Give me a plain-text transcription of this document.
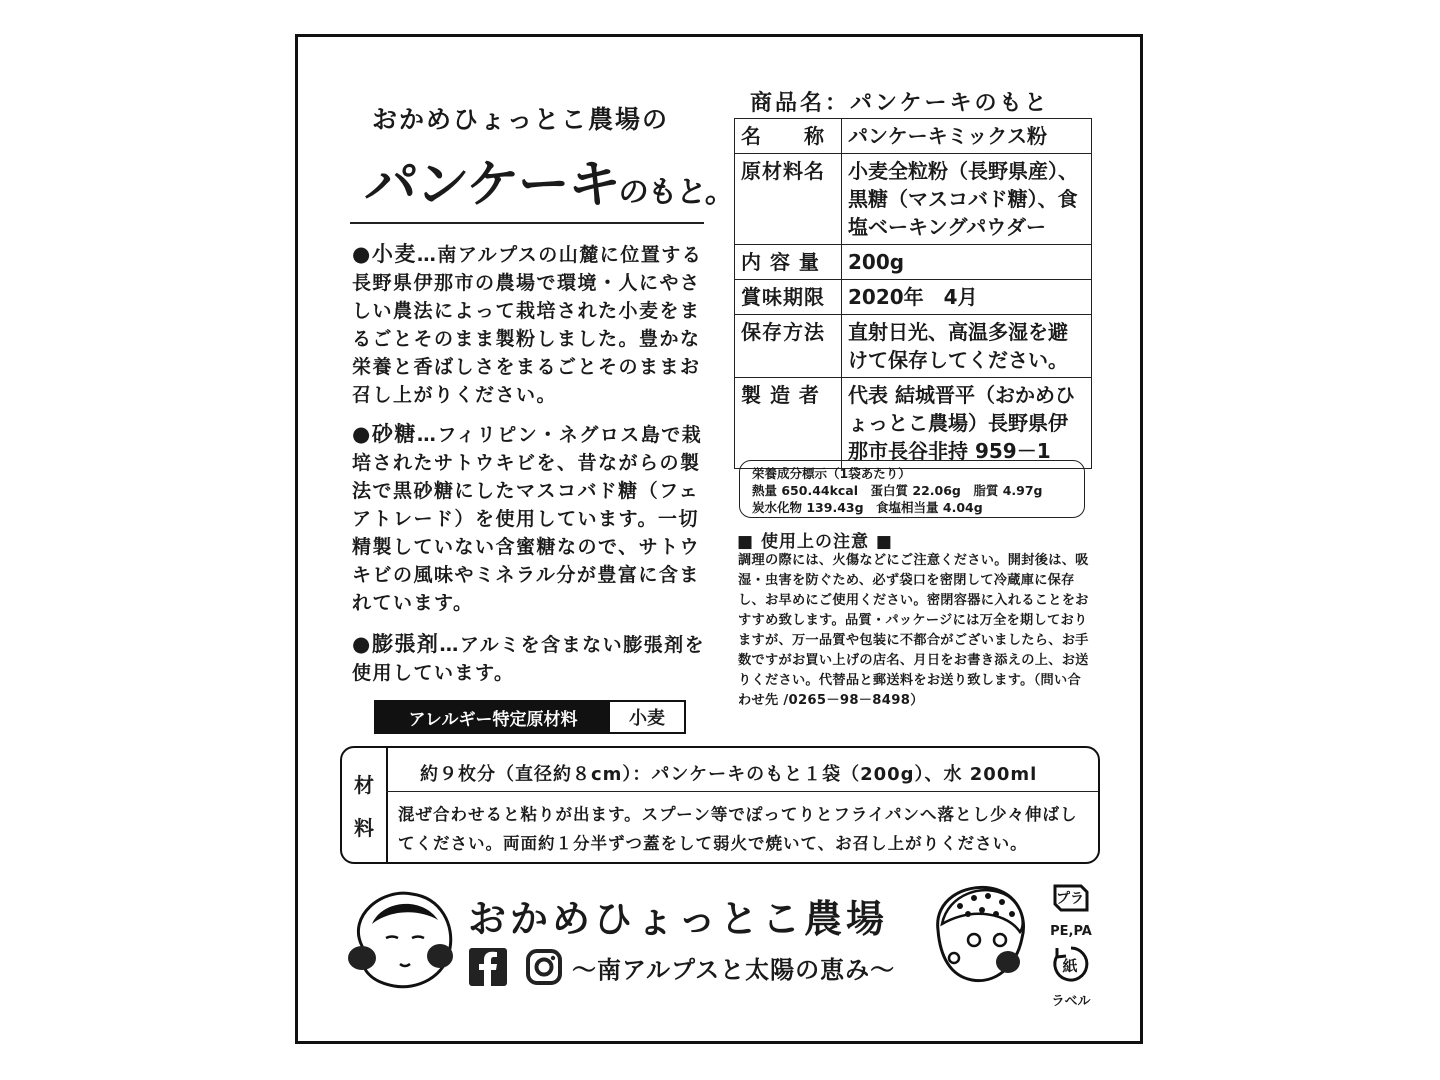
おかめひょっとこ農場の
パンケーキのもと。
●小麦…南アルプスの山麓に位置する長野県伊那市の農場で環境・人にやさしい農法によって栽培された小麦をまるごとそのまま製粉しました。豊かな栄養と香ばしさをまるごとそのままお召し上がりください。
●砂糖…フィリピン・ネグロス島で栽培されたサトウキビを、昔ながらの製法で黒砂糖にしたマスコバド糖（フェアトレード）を使用しています。一切精製していない含蜜糖なので、サトウキビの風味やミネラル分が豊富に含まれています。
●膨張剤…アルミを含まない膨張剤を使用しています。
アレルギー特定原材料	小麦
商品名：パンケーキのもと
名　　称	パンケーキミックス粉
原材料名	小麦全粒粉（長野県産）、黒糖（マスコバド糖）、食塩ベーキングパウダー
内 容 量	200g
賞味期限	2020年　4月
保存方法	直射日光、高温多湿を避けて保存してください。
製 造 者	代表 結城晋平（おかめひょっとこ農場）長野県伊那市長谷非持 959－1
栄養成分標示（1袋あたり）
熱量 650.44kcal　蛋白質 22.06g　脂質 4.97g
炭水化物 139.43g　食塩相当量 4.04g
■ 使用上の注意 ■
調理の際には、火傷などにご注意ください。開封後は、吸湿・虫害を防ぐため、必ず袋口を密閉して冷蔵庫に保存し、お早めにご使用ください。密閉容器に入れることをおすすめ致します。品質・パッケージには万全を期しておりますが、万一品質や包装に不都合がございましたら、お手数ですがお買い上げの店名、月日をお書き添えの上、お送りください。代替品と郵送料をお送り致します。（問い合わせ先 /0265－98－8498）
材
料
約９枚分（直径約８cm）：パンケーキのもと１袋（200g）、水 200ml
混ぜ合わせると粘りが出ます。スプーン等でぽってりとフライパンへ落とし少々伸ばしてください。両面約１分半ずつ蓋をして弱火で焼いて、お召し上がりください。
おかめひょっとこ農場
～南アルプスと太陽の恵み～
プラ
PE,PA
紙
ラベル
